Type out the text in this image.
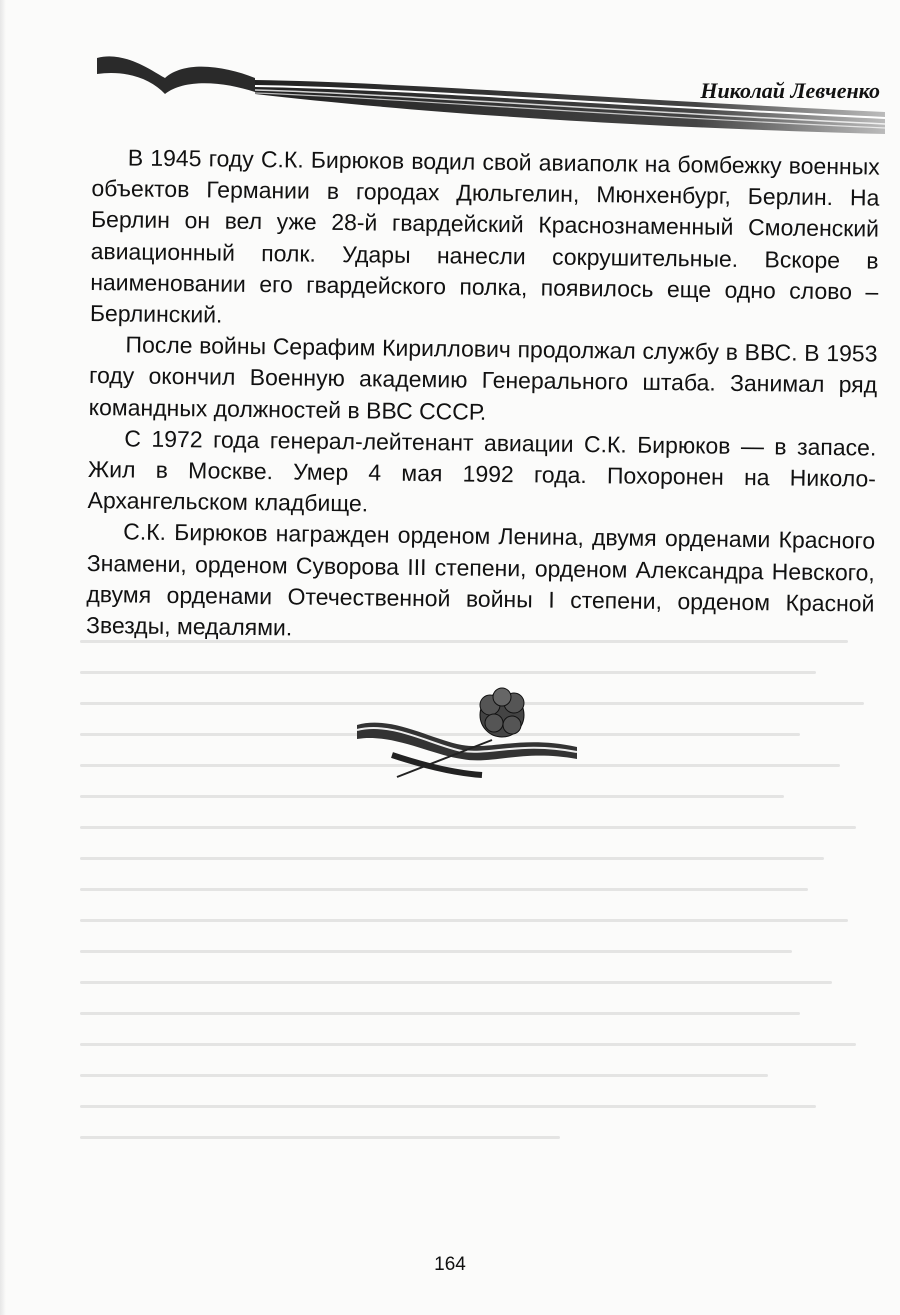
Николай Левченко

В 1945 году С.К. Бирюков водил свой авиаполк на бомбежку военных объектов Германии в городах Дюльгелин, Мюнхенбург, Берлин. На Берлин он вел уже 28-й гвардейский Краснознаменный Смоленский авиационный полк. Удары нанесли сокрушительные. Вскоре в наименовании его гвардейского полка, появилось еще одно слово – Берлинский.

После войны Серафим Кириллович продолжал службу в ВВС. В 1953 году окончил Военную академию Генерального штаба. Занимал ряд командных должностей в ВВС СССР.

С 1972 года генерал-лейтенант авиации С.К. Бирюков — в запасе. Жил в Москве. Умер 4 мая 1992 года. Похоронен на Николо-Архангельском кладбище.

С.К. Бирюков награжден орденом Ленина, двумя орденами Красного Знамени, орденом Суворова III степени, орденом Александра Невского, двумя орденами Отечественной войны I степени, орденом Красной Звезды, медалями.

164
